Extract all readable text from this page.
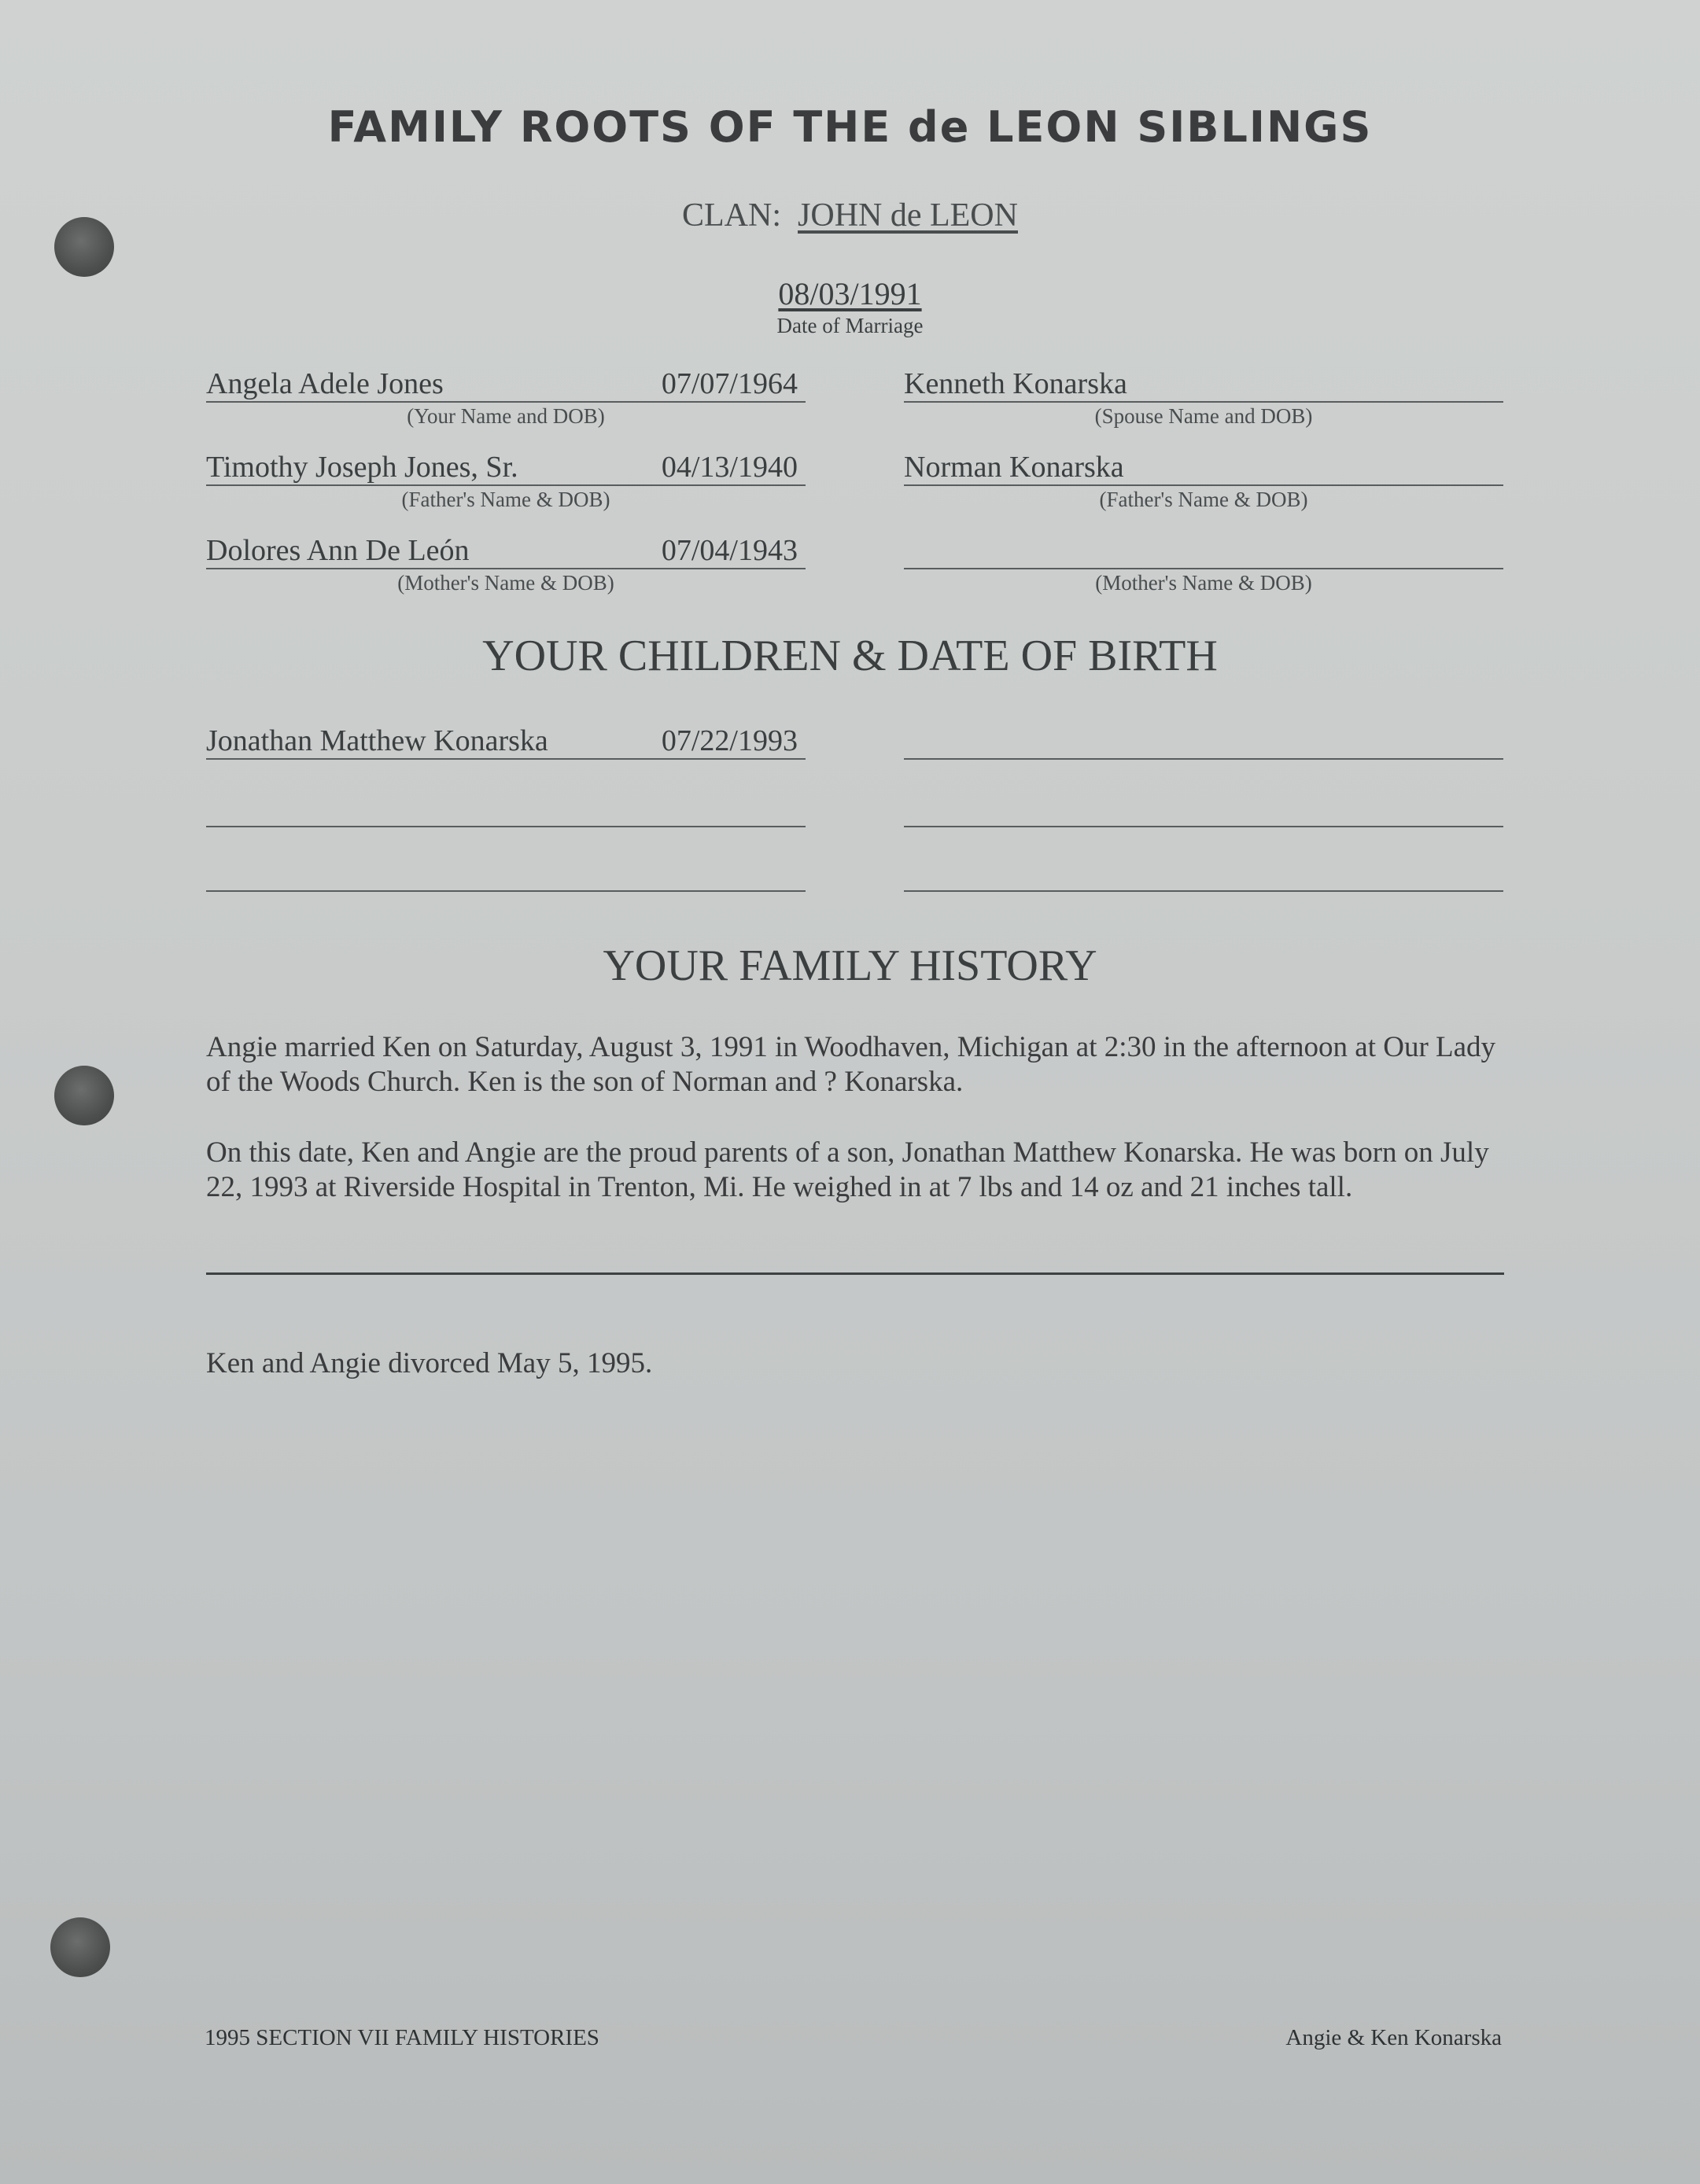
FAMILY ROOTS OF THE de LEON SIBLINGS
CLAN: JOHN de LEON
08/03/1991
Date of Marriage
Angela Adele Jones	07/07/1964
(Your Name and DOB)
Timothy Joseph Jones, Sr.	04/13/1940
(Father's Name & DOB)
Dolores Ann De León	07/04/1943
(Mother's Name & DOB)
Kenneth Konarska
(Spouse Name and DOB)
Norman Konarska
(Father's Name & DOB)
(Mother's Name & DOB)
YOUR CHILDREN & DATE OF BIRTH
Jonathan Matthew Konarska	07/22/1993
YOUR FAMILY HISTORY
Angie married Ken on Saturday, August 3, 1991 in Woodhaven, Michigan at 2:30 in the afternoon at Our Lady of the Woods Church. Ken is the son of Norman and ? Konarska.
On this date, Ken and Angie are the proud parents of a son, Jonathan Matthew Konarska. He was born on July 22, 1993 at Riverside Hospital in Trenton, Mi. He weighed in at 7 lbs and 14 oz and 21 inches tall.
Ken and Angie divorced May 5, 1995.
1995 SECTION VII FAMILY HISTORIES	Angie & Ken Konarska
